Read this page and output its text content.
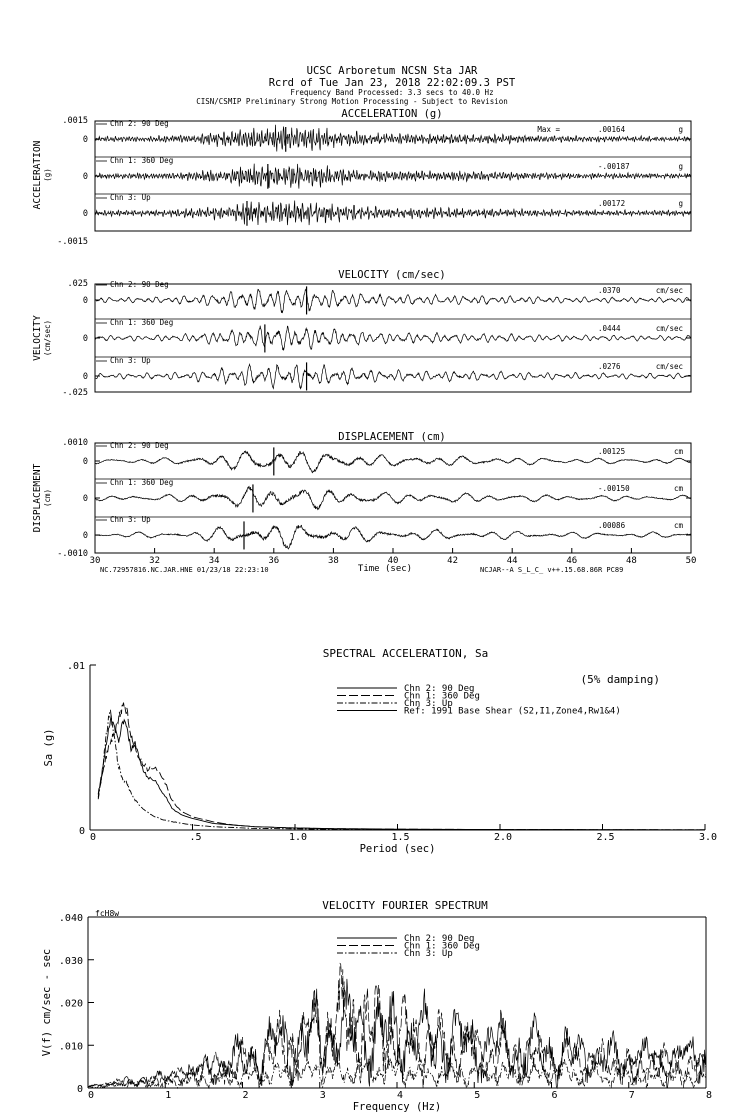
UCSC Arboretum NCSN Sta JAR
Rcrd of Tue Jan 23, 2018 22:02:09.3 PST
Frequency Band Processed: 3.3 secs to 40.0 Hz
CISN/CSMIP Preliminary Strong Motion Processing - Subject to Revision
ACCELERATION (g)
ACCELERATION (g)
.0015
-.0015
0
Chn 2: 90 Deg
Max =	.00164	g
0
Chn 1: 360 Deg
-.00187	g
0
Chn 3: Up
.00172	g
VELOCITY (cm/sec)
VELOCITY (cm/sec)
.025
-.025
0
Chn 2: 90 Deg
.0370	cm/sec
0
Chn 1: 360 Deg
.0444	cm/sec
0
Chn 3: Up
.0276	cm/sec
DISPLACEMENT (cm)
DISPLACEMENT (cm)
.0010
-.0010
0
Chn 2: 90 Deg
.00125	cm
0
Chn 1: 360 Deg
-.00150	cm
0
Chn 3: Up
.00086	cm
30	32	34	36	38	40	42	44	46	48	50
Time (sec)
NC.72957816.NC.JAR.HNE 01/23/18 22:23:10	NCJAR--A S_L_C_ v++.15.68.86R PC89
SPECTRAL ACCELERATION, Sa
0	.5	1.0	1.5	2.0	2.5	3.0
0
.01
Period (sec)
Sa (g)
(5% damping)
Chn 2: 90 Deg
Chn 1: 360 Deg
Chn 3: Up
Ref: 1991 Base Shear (S2,I1,Zone4,Rw1&4)
VELOCITY FOURIER SPECTRUM
0	1	2	3	4	5	6	7	8
0
.010
.020
.030
.040
Frequency (Hz)
V(f) cm/sec - sec
fcH8w
Chn 2: 90 Deg
Chn 1: 360 Deg
Chn 3: Up
